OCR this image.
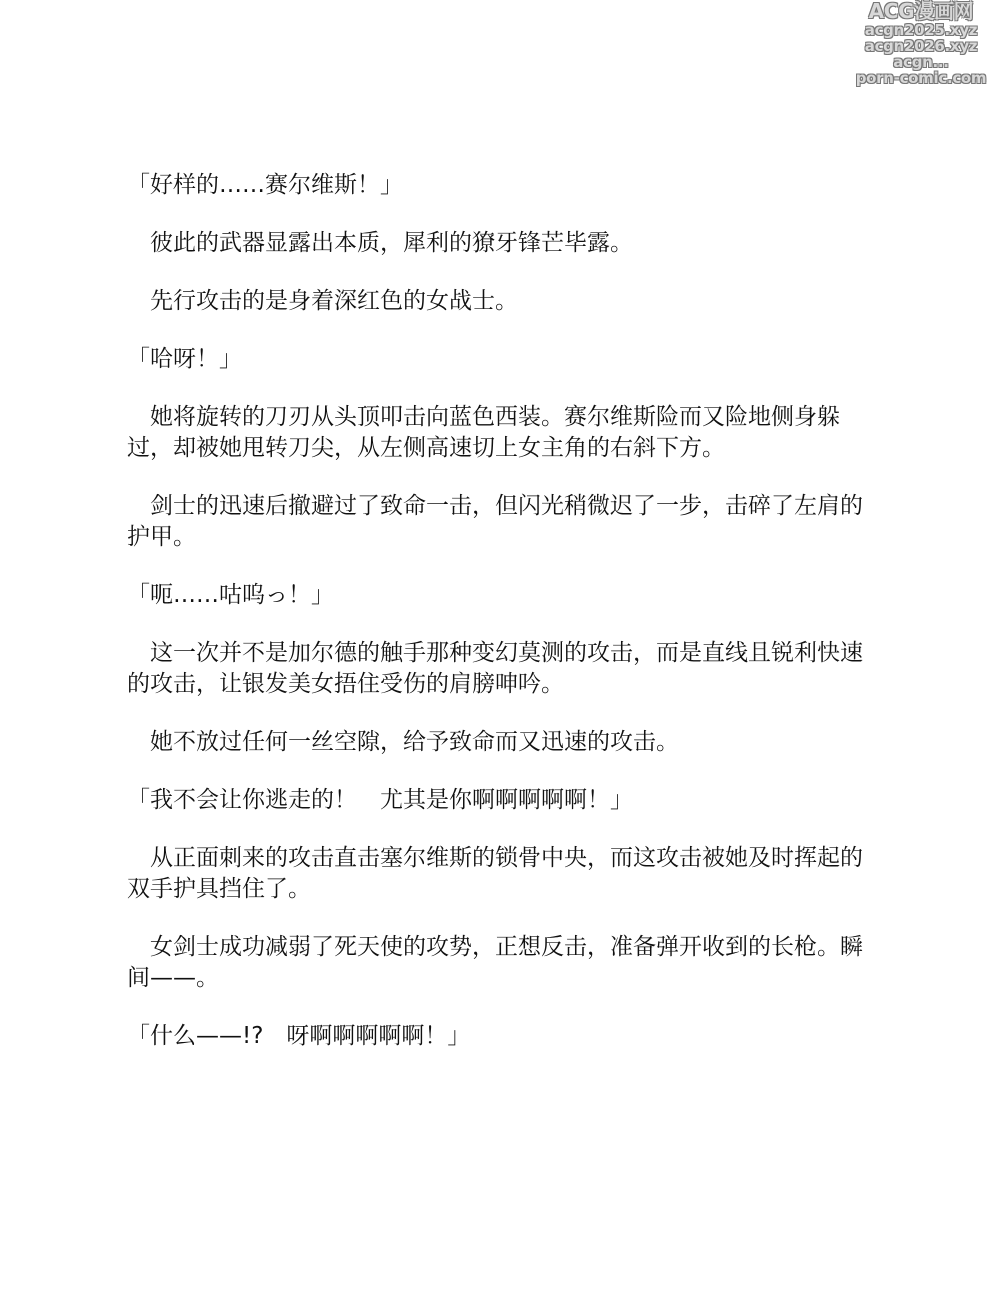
ACG漫画网
acgn2025.xyz
acgn2026.xyz
acgn...
porn-comic.com

「好样的……赛尔维斯！」

彼此的武器显露出本质，犀利的獠牙锋芒毕露。

先行攻击的是身着深红色的女战士。

「哈呀！」

她将旋转的刀刃从头顶叩击向蓝色西装。赛尔维斯险而又险地侧身躲过，却被她甩转刀尖，从左侧高速切上女主角的右斜下方。

剑士的迅速后撤避过了致命一击，但闪光稍微迟了一步，击碎了左肩的护甲。

「呃……咕呜っ！」

这一次并不是加尔德的触手那种变幻莫测的攻击，而是直线且锐利快速的攻击，让银发美女捂住受伤的肩膀呻吟。

她不放过任何一丝空隙，给予致命而又迅速的攻击。

「我不会让你逃走的！　尤其是你啊啊啊啊啊！」

从正面刺来的攻击直击塞尔维斯的锁骨中央，而这攻击被她及时挥起的双手护具挡住了。

女剑士成功减弱了死天使的攻势，正想反击，准备弹开收到的长枪。瞬间——。

「什么——!?　呀啊啊啊啊啊！」
